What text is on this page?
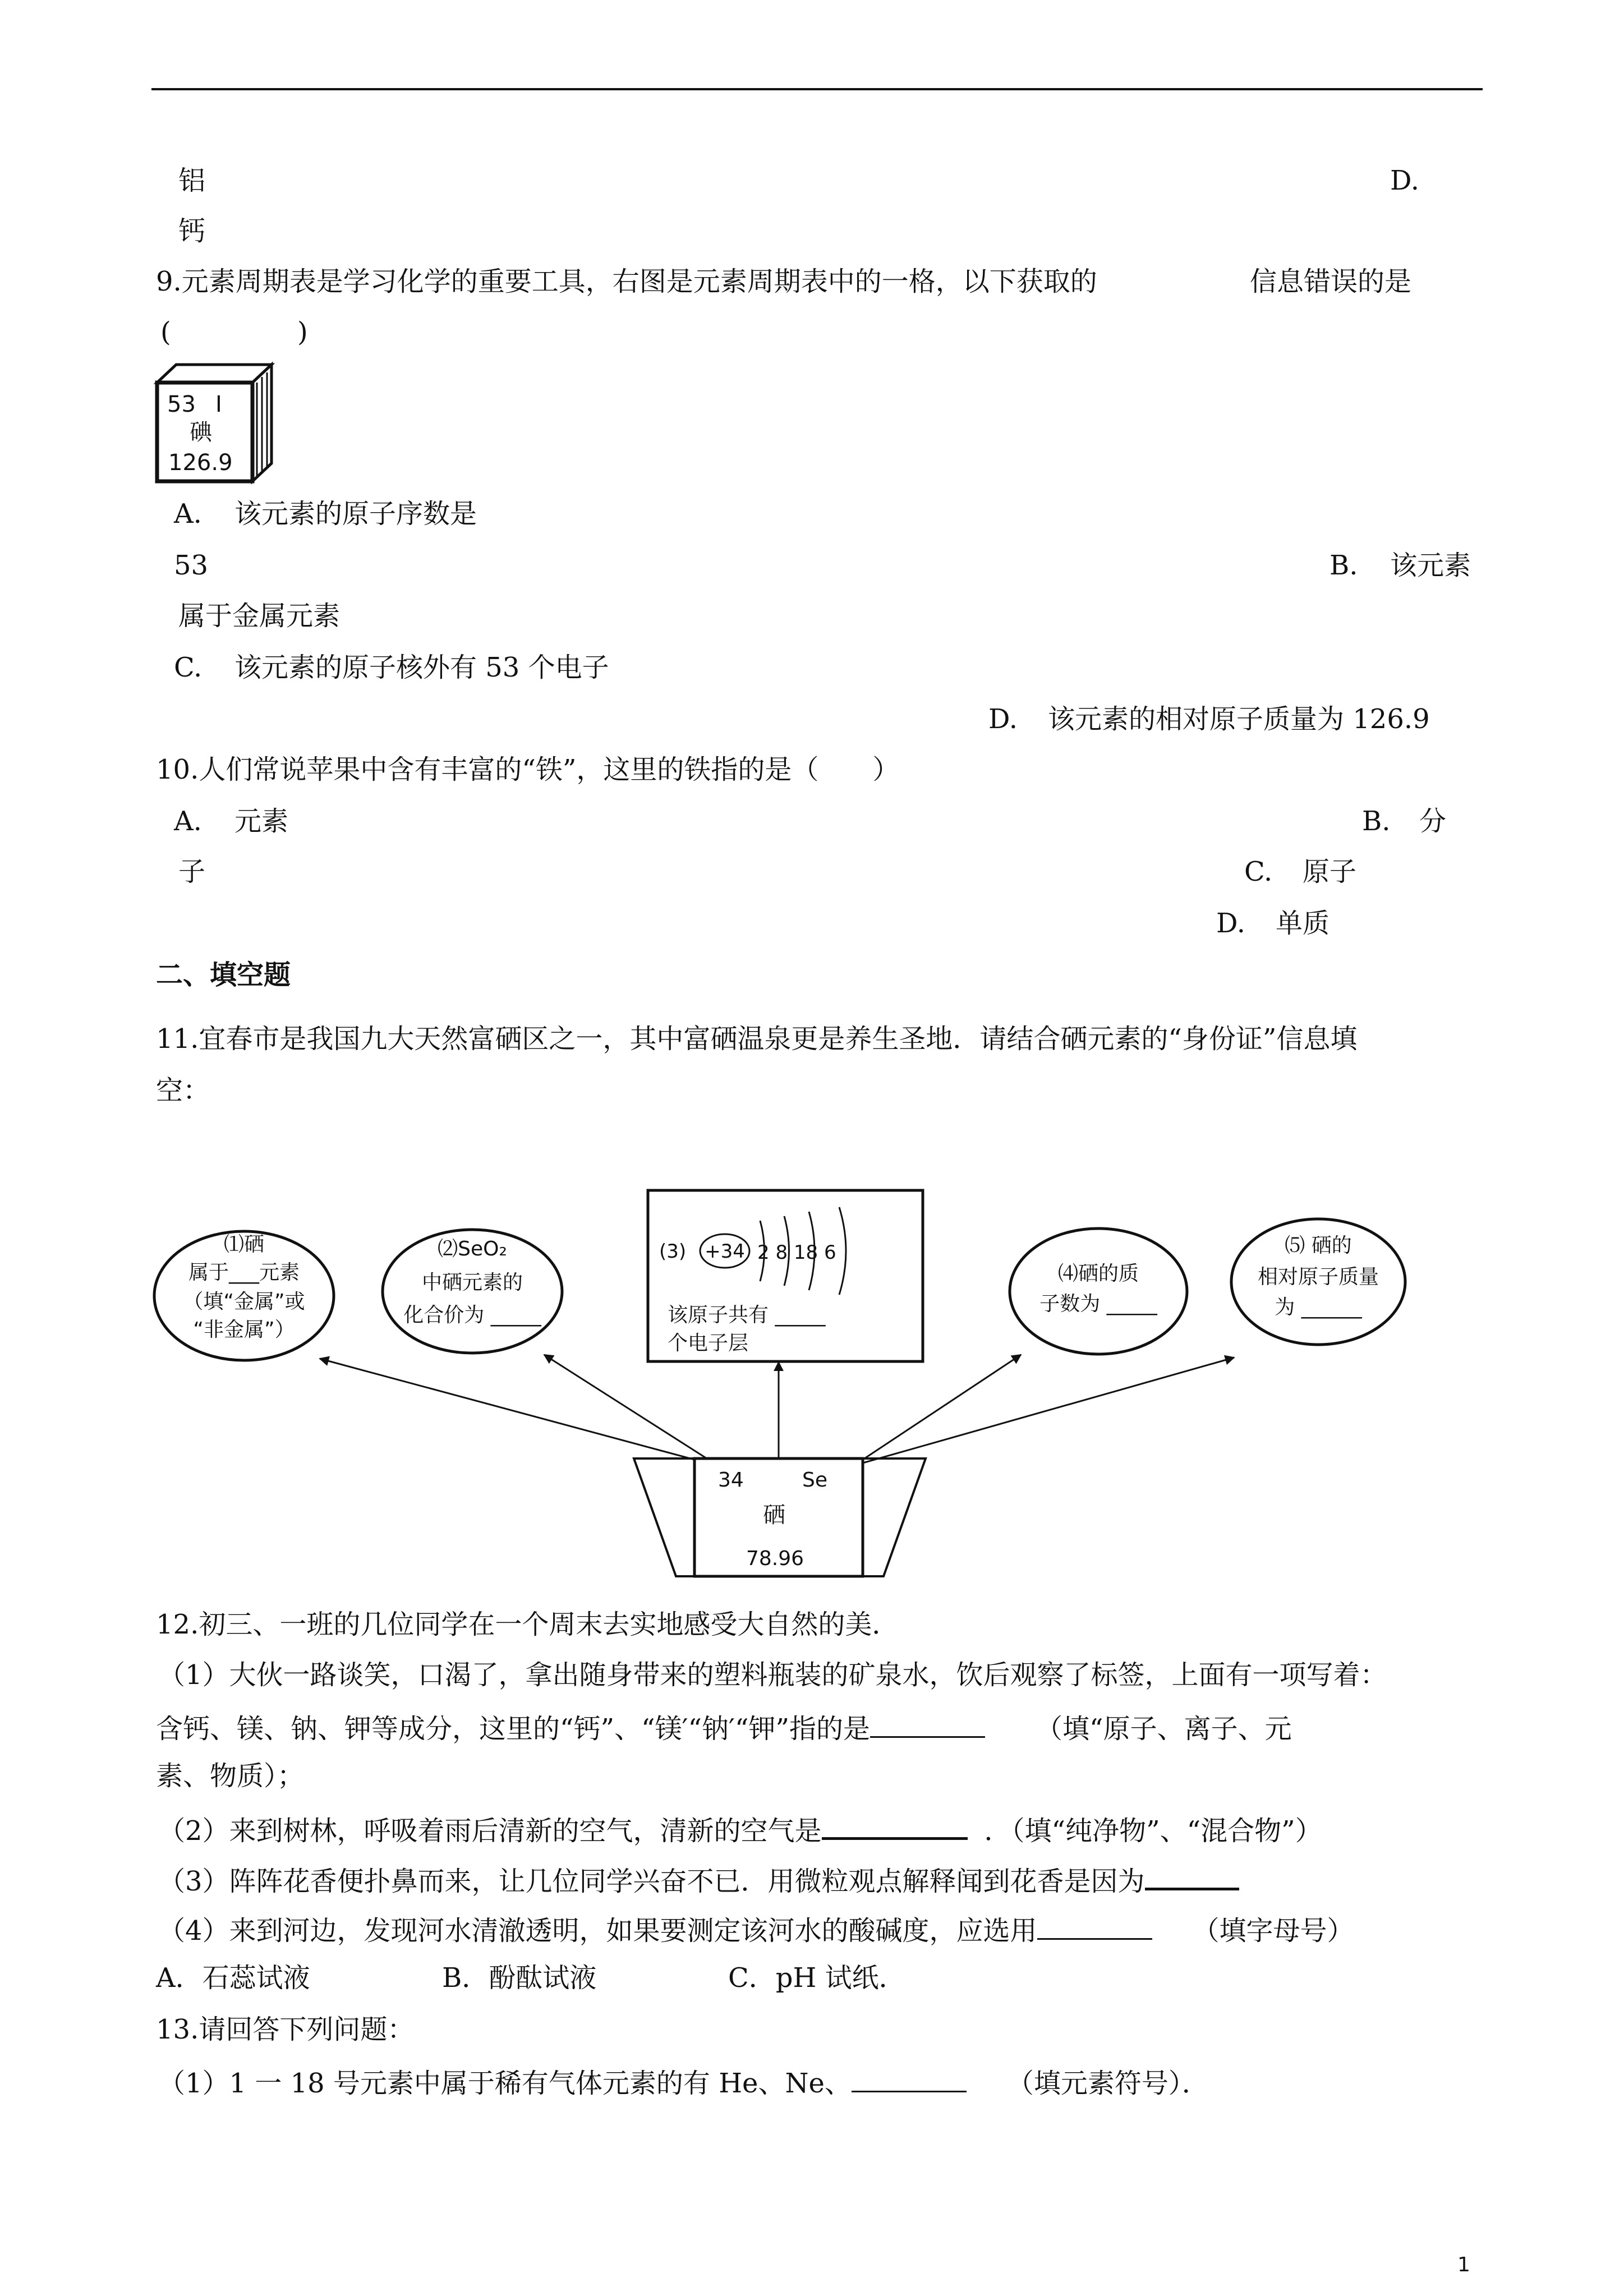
铝	D.
钙
9.元素周期表是学习化学的重要工具，右图是元素周期表中的一格，以下获取的	信息错误的是
(	)
53 I
碘
126.9
A. 该元素的原子序数是
53	B. 该元素
属于金属元素
C. 该元素的原子核外有 53 个电子
D. 该元素的相对原子质量为 126.9
10.人们常说苹果中含有丰富的“铁”，这里的铁指的是（　　）
A. 元素	B. 分
子	C. 原子
D. 单质
二、填空题
11.宜春市是我国九大天然富硒区之一，其中富硒温泉更是养生圣地．请结合硒元素的“身份证”信息填
空：
34	Se
硒
78.96
⑴硒
属于___元素
（填“金属”或
“非金属”）
⑵SeO₂
中硒元素的
化合价为 _____
(3) +34 2 8 18 6
该原子共有 _____
个电子层
⑷硒的质
子数为 _____
⑸ 硒的
相对原子质量
为 ______
12.初三、一班的几位同学在一个周末去实地感受大自然的美．
（1）大伙一路谈笑，口渴了，拿出随身带来的塑料瓶装的矿泉水，饮后观察了标签，上面有一项写着：
含钙、镁、钠、钾等成分，这里的“钙”、“镁′“钠′“钾”指的是	（填“原子、离子、元
素、物质）；
（2）来到树林，呼吸着雨后清新的空气，清新的空气是	．（填“纯净物”、“混合物”）
（3）阵阵花香便扑鼻而来，让几位同学兴奋不已．用微粒观点解释闻到花香是因为
（4）来到河边，发现河水清澈透明，如果要测定该河水的酸碱度，应选用	（填字母号）
A．石蕊试液	B．酚酞试液	C．pH 试纸．
13.请回答下列问题：
（1）1 一 18 号元素中属于稀有气体元素的有 He、Ne、	（填元素符号）．
1
